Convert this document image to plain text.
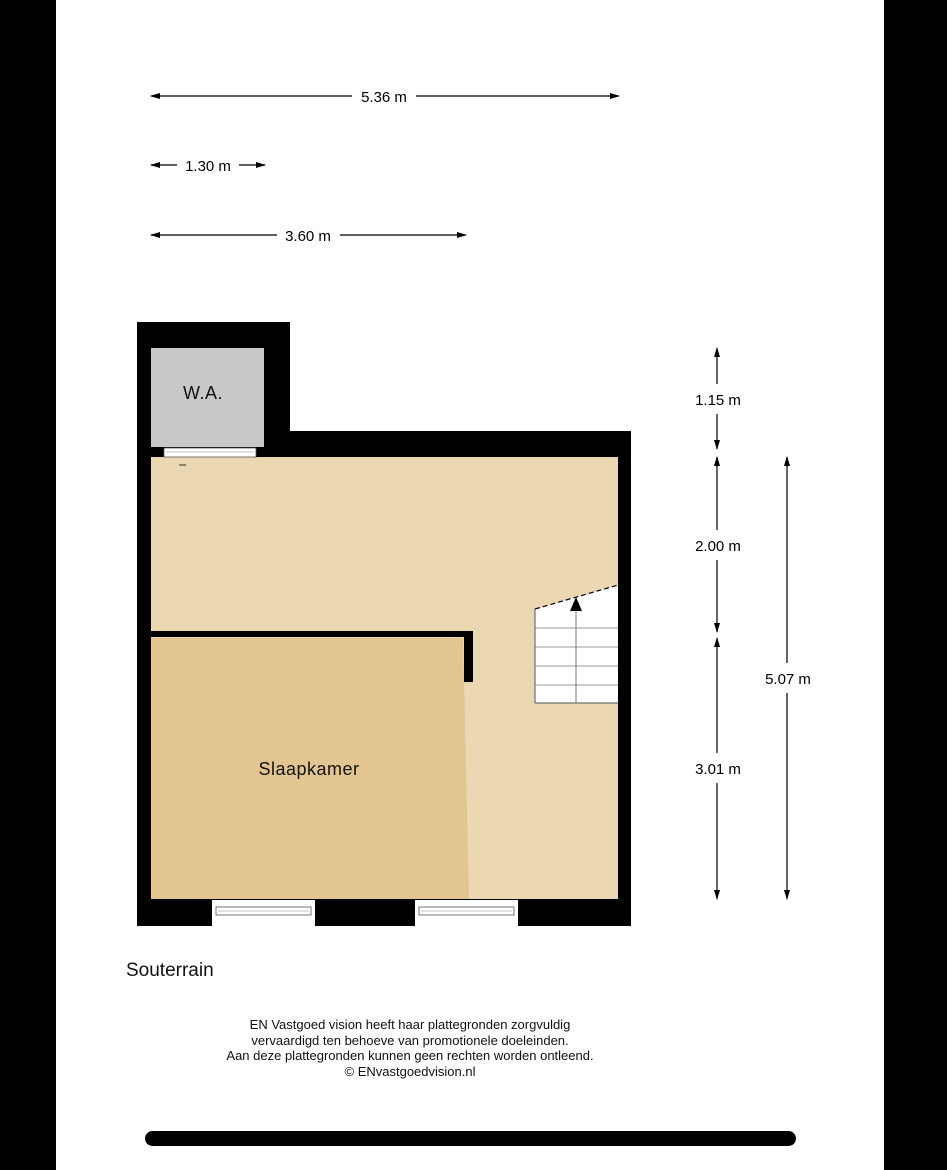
5.36 m
1.30 m
3.60 m
W.A.
Slaapkamer
1.15 m
2.00 m
3.01 m
5.07 m
Souterrain
EN Vastgoed vision heeft haar plattegronden zorgvuldig
vervaardigd ten behoeve van promotionele doeleinden.
Aan deze plattegronden kunnen geen rechten worden ontleend.
© ENvastgoedvision.nl
